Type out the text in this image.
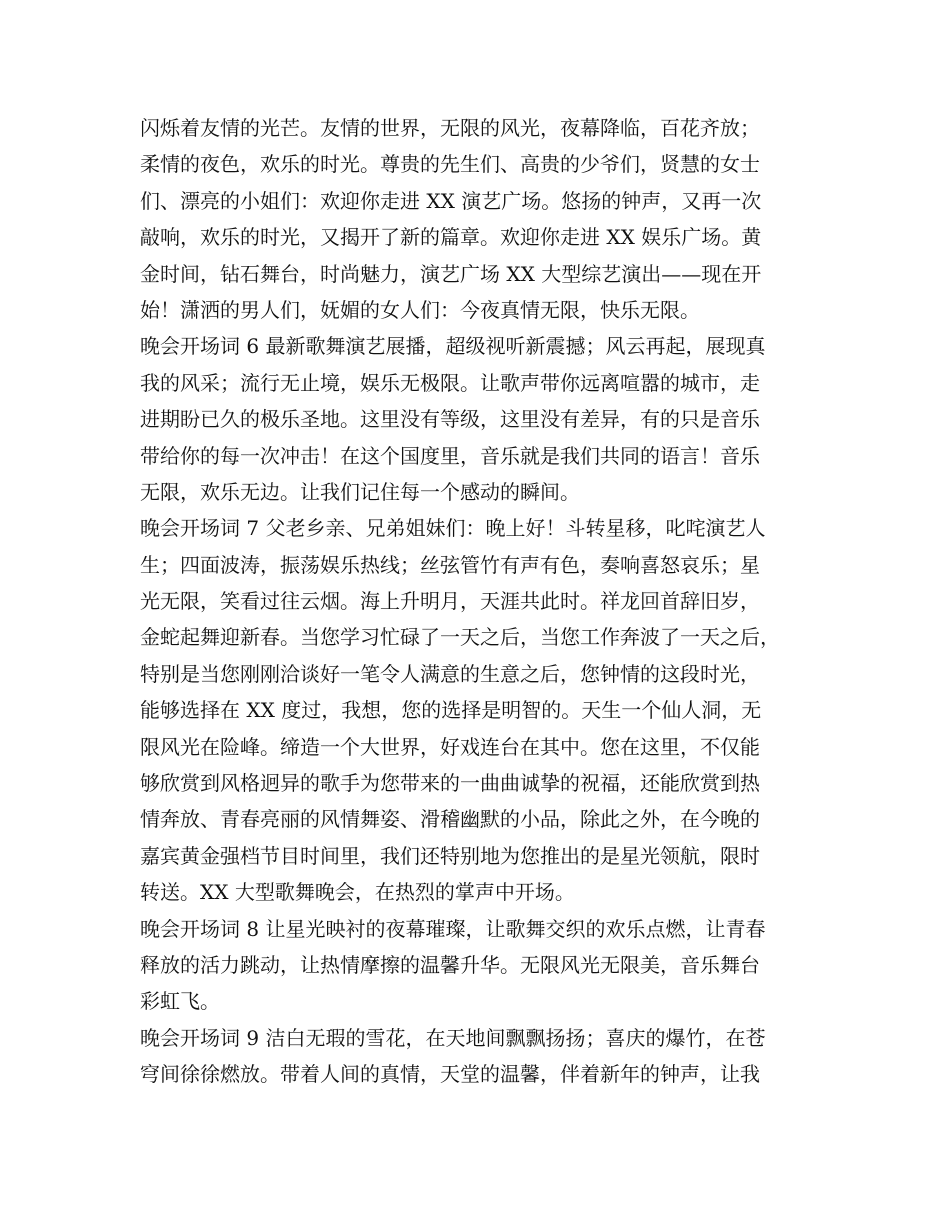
闪烁着友情的光芒。友情的世界，无限的风光，夜幕降临，百花齐放；
柔情的夜色，欢乐的时光。尊贵的先生们、高贵的少爷们，贤慧的女士
们、漂亮的小姐们：欢迎你走进 XX 演艺广场。悠扬的钟声，又再一次
敲响，欢乐的时光，又揭开了新的篇章。欢迎你走进 XX 娱乐广场。黄
金时间，钻石舞台，时尚魅力，演艺广场 XX 大型综艺演出——现在开
始！潇洒的男人们，妩媚的女人们：今夜真情无限，快乐无限。
晚会开场词 6 最新歌舞演艺展播，超级视听新震撼；风云再起，展现真
我的风采；流行无止境，娱乐无极限。让歌声带你远离喧嚣的城市，走
进期盼已久的极乐圣地。这里没有等级，这里没有差异，有的只是音乐
带给你的每一次冲击！在这个国度里，音乐就是我们共同的语言！音乐
无限，欢乐无边。让我们记住每一个感动的瞬间。
晚会开场词 7 父老乡亲、兄弟姐妹们：晚上好！斗转星移，叱咤演艺人
生；四面波涛，振荡娱乐热线；丝弦管竹有声有色，奏响喜怒哀乐；星
光无限，笑看过往云烟。海上升明月，天涯共此时。祥龙回首辞旧岁，
金蛇起舞迎新春。当您学习忙碌了一天之后，当您工作奔波了一天之后，
特别是当您刚刚洽谈好一笔令人满意的生意之后，您钟情的这段时光，
能够选择在 XX 度过，我想，您的选择是明智的。天生一个仙人洞，无
限风光在险峰。缔造一个大世界，好戏连台在其中。您在这里，不仅能
够欣赏到风格迥异的歌手为您带来的一曲曲诚挚的祝福，还能欣赏到热
情奔放、青春亮丽的风情舞姿、滑稽幽默的小品，除此之外，在今晚的
嘉宾黄金强档节目时间里，我们还特别地为您推出的是星光领航，限时
转送。XX 大型歌舞晚会，在热烈的掌声中开场。
晚会开场词 8 让星光映衬的夜幕璀璨，让歌舞交织的欢乐点燃，让青春
释放的活力跳动，让热情摩擦的温馨升华。无限风光无限美，音乐舞台
彩虹飞。
晚会开场词 9 洁白无瑕的雪花，在天地间飘飘扬扬；喜庆的爆竹，在苍
穹间徐徐燃放。带着人间的真情，天堂的温馨，伴着新年的钟声，让我
